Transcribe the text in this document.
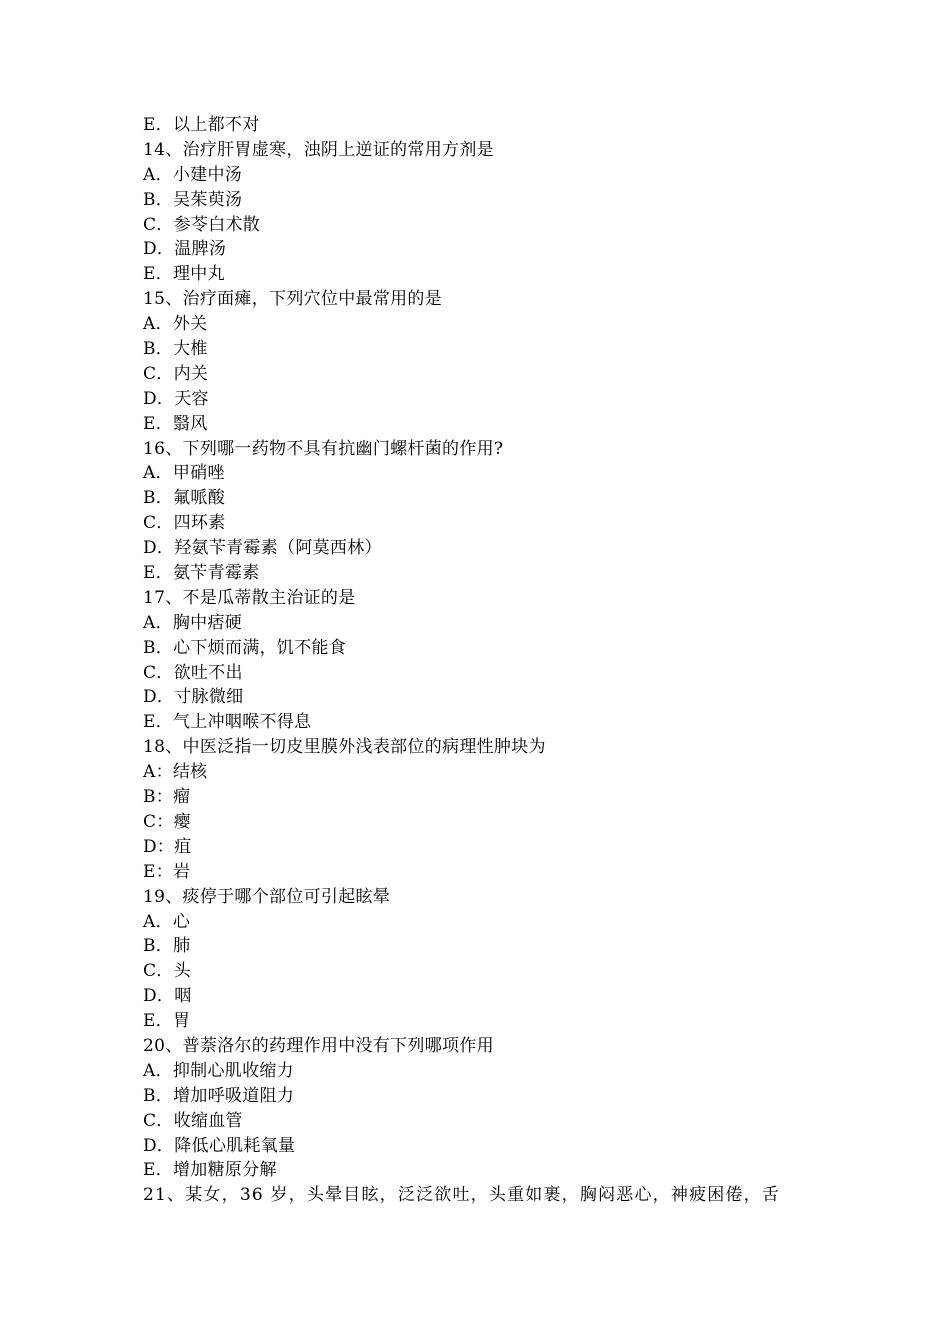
E．以上都不对
14、治疗肝胃虚寒，浊阴上逆证的常用方剂是
A．小建中汤
B．吴茱萸汤
C．参苓白术散
D．温脾汤
E．理中丸
15、治疗面瘫，下列穴位中最常用的是
A．外关
B．大椎
C．内关
D．天容
E．翳风
16、下列哪一药物不具有抗幽门螺杆菌的作用?
A．甲硝唑
B．氟哌酸
C．四环素
D．羟氨苄青霉素（阿莫西林）
E．氨苄青霉素
17、不是瓜蒂散主治证的是
A．胸中痞硬
B．心下烦而满，饥不能食
C．欲吐不出
D．寸脉微细
E．气上冲咽喉不得息
18、中医泛指一切皮里膜外浅表部位的病理性肿块为
A：结核
B：瘤
C：瘿
D：疽
E：岩
19、痰停于哪个部位可引起眩晕
A．心
B．肺
C．头
D．咽
E．胃
20、普萘洛尔的药理作用中没有下列哪项作用
A．抑制心肌收缩力
B．增加呼吸道阻力
C．收缩血管
D．降低心肌耗氧量
E．增加糖原分解
21、某女，36 岁，头晕目眩，泛泛欲吐，头重如裹，胸闷恶心，神疲困倦，舌
